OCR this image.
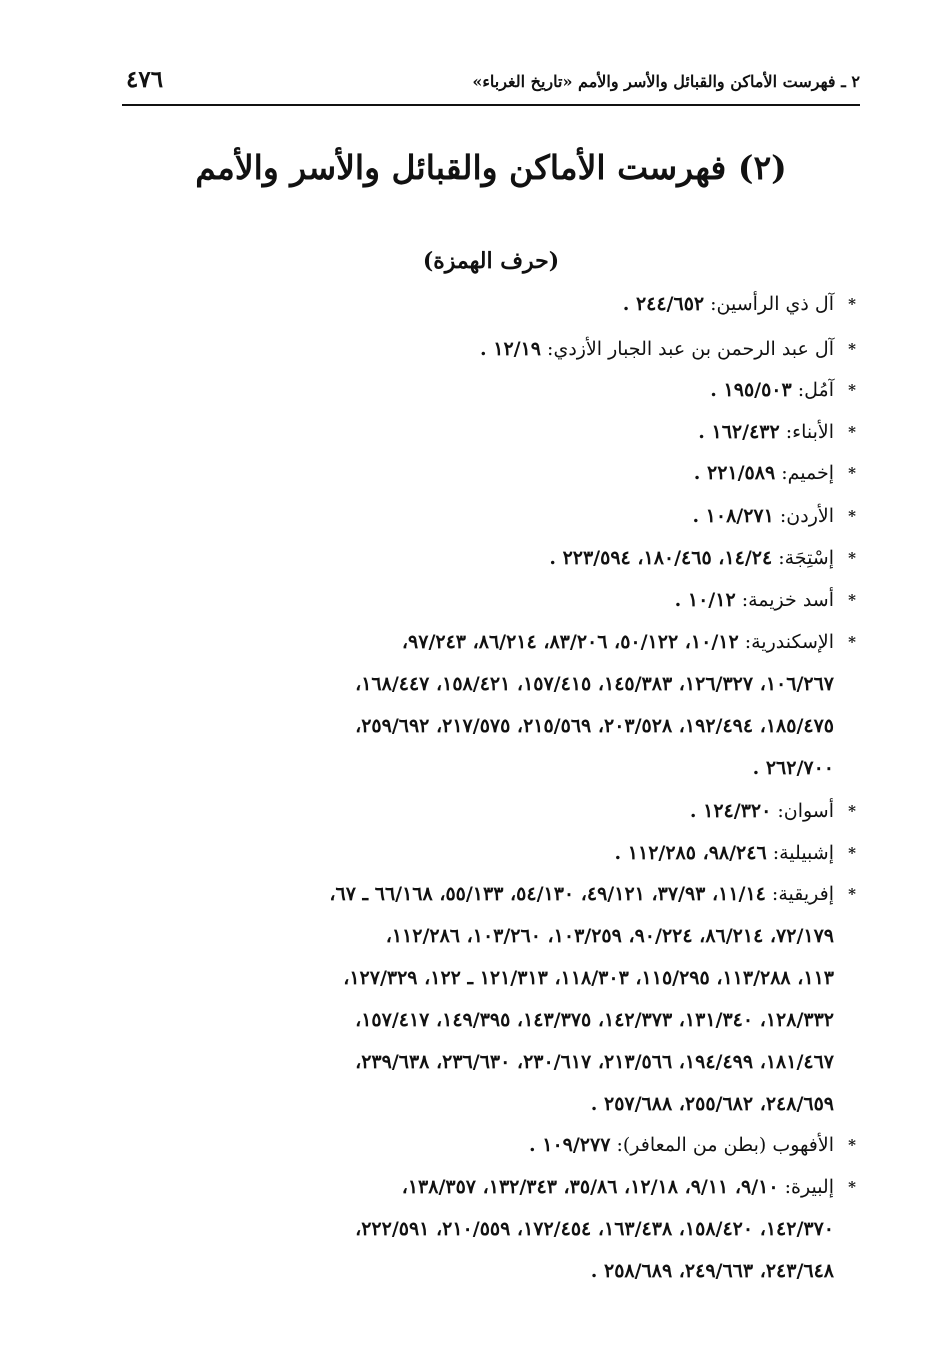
٢ ـ فهرست الأماكن والقبائل والأسر والأمم «تاريخ الغرباء»
٤٧٦
(٢) فهرست الأماكن والقبائل والأسر والأمم
(حرف الهمزة)
*
آل ذي الرأسين: ٢٤٤/٦٥٢ .
*
آل عبد الرحمن بن عبد الجبار الأزدي: ١٢/١٩ .
*
آمُل: ١٩٥/٥٠٣ .
*
الأبناء: ١٦٢/٤٣٢ .
*
إخميم: ٢٢١/٥٨٩ .
*
الأردن: ١٠٨/٢٧١ .
*
إسْتِجَة: ١٤/٢٤، ١٨٠/٤٦٥، ٢٢٣/٥٩٤ .
*
أسد خزيمة: ١٠/١٢ .
*
الإسكندرية: ١٠/١٢، ٥٠/١٢٢، ٨٣/٢٠٦، ٨٦/٢١٤، ٩٧/٢٤٣،
١٠٦/٢٦٧، ١٢٦/٣٢٧، ١٤٥/٣٨٣، ١٥٧/٤١٥، ١٥٨/٤٢١، ١٦٨/٤٤٧،
١٨٥/٤٧٥، ١٩٢/٤٩٤، ٢٠٣/٥٢٨، ٢١٥/٥٦٩، ٢١٧/٥٧٥، ٢٥٩/٦٩٢،
٢٦٢/٧٠٠ .
*
أسوان: ١٢٤/٣٢٠ .
*
إشبيلية: ٩٨/٢٤٦، ١١٢/٢٨٥ .
*
إفريقية: ١١/١٤، ٣٧/٩٣، ٤٩/١٢١، ٥٤/١٣٠، ٥٥/١٣٣، ٦٦/١٦٨ ـ ٦٧،
٧٢/١٧٩، ٨٦/٢١٤، ٩٠/٢٢٤، ١٠٣/٢٥٩، ١٠٣/٢٦٠، ١١٢/٢٨٦،
١١٣، ١١٣/٢٨٨، ١١٥/٢٩٥، ١١٨/٣٠٣، ١٢١/٣١٣ ـ ١٢٢، ١٢٧/٣٢٩،
١٢٨/٣٣٢، ١٣١/٣٤٠، ١٤٢/٣٧٣، ١٤٣/٣٧٥، ١٤٩/٣٩٥، ١٥٧/٤١٧،
١٨١/٤٦٧، ١٩٤/٤٩٩، ٢١٣/٥٦٦، ٢٣٠/٦١٧، ٢٣٦/٦٣٠، ٢٣٩/٦٣٨،
٢٤٨/٦٥٩، ٢٥٥/٦٨٢، ٢٥٧/٦٨٨ .
*
الأفهوب (بطن من المعافر): ١٠٩/٢٧٧ .
*
إلبيرة: ٩/١٠، ٩/١١، ١٢/١٨، ٣٥/٨٦، ١٣٢/٣٤٣، ١٣٨/٣٥٧،
١٤٢/٣٧٠، ١٥٨/٤٢٠، ١٦٣/٤٣٨، ١٧٢/٤٥٤، ٢١٠/٥٥٩، ٢٢٢/٥٩١،
٢٤٣/٦٤٨، ٢٤٩/٦٦٣، ٢٥٨/٦٨٩ .
